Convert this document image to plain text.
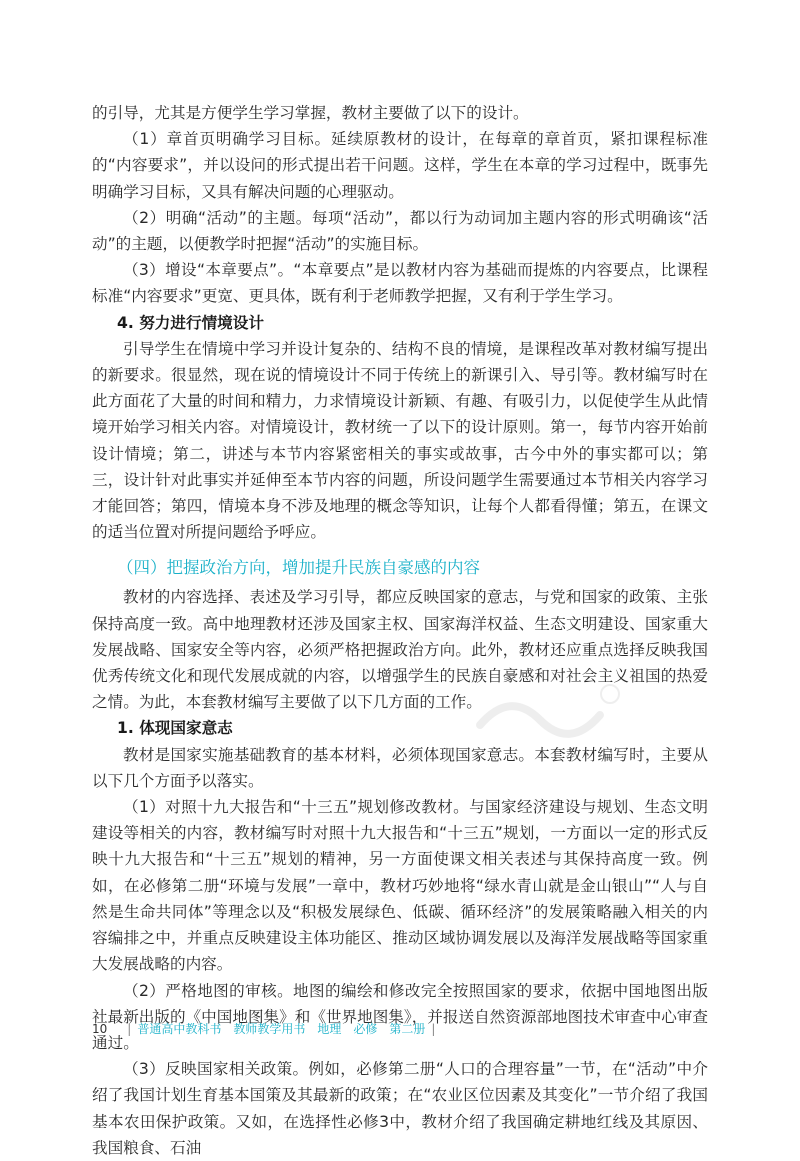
的引导，尤其是方便学生学习掌握，教材主要做了以下的设计。

（1）章首页明确学习目标。延续原教材的设计，在每章的章首页，紧扣课程标准的“内容要求”，并以设问的形式提出若干问题。这样，学生在本章的学习过程中，既事先明确学习目标，又具有解决问题的心理驱动。

（2）明确“活动”的主题。每项“活动”，都以行为动词加主题内容的形式明确该“活动”的主题，以便教学时把握“活动”的实施目标。

（3）增设“本章要点”。“本章要点”是以教材内容为基础而提炼的内容要点，比课程标准“内容要求”更宽、更具体，既有利于老师教学把握，又有利于学生学习。

4. 努力进行情境设计

引导学生在情境中学习并设计复杂的、结构不良的情境，是课程改革对教材编写提出的新要求。很显然，现在说的情境设计不同于传统上的新课引入、导引等。教材编写时在此方面花了大量的时间和精力，力求情境设计新颖、有趣、有吸引力，以促使学生从此情境开始学习相关内容。对情境设计，教材统一了以下的设计原则。第一，每节内容开始前设计情境；第二，讲述与本节内容紧密相关的事实或故事，古今中外的事实都可以；第三，设计针对此事实并延伸至本节内容的问题，所设问题学生需要通过本节相关内容学习才能回答；第四，情境本身不涉及地理的概念等知识，让每个人都看得懂；第五，在课文的适当位置对所提问题给予呼应。

（四）把握政治方向，增加提升民族自豪感的内容

教材的内容选择、表述及学习引导，都应反映国家的意志，与党和国家的政策、主张保持高度一致。高中地理教材还涉及国家主权、国家海洋权益、生态文明建设、国家重大发展战略、国家安全等内容，必须严格把握政治方向。此外，教材还应重点选择反映我国优秀传统文化和现代发展成就的内容，以增强学生的民族自豪感和对社会主义祖国的热爱之情。为此，本套教材编写主要做了以下几方面的工作。

1. 体现国家意志

教材是国家实施基础教育的基本材料，必须体现国家意志。本套教材编写时，主要从以下几个方面予以落实。

（1）对照十九大报告和“十三五”规划修改教材。与国家经济建设与规划、生态文明建设等相关的内容，教材编写时对照十九大报告和“十三五”规划，一方面以一定的形式反映十九大报告和“十三五”规划的精神，另一方面使课文相关表述与其保持高度一致。例如，在必修第二册“环境与发展”一章中，教材巧妙地将“绿水青山就是金山银山”“人与自然是生命共同体”等理念以及“积极发展绿色、低碳、循环经济”的发展策略融入相关的内容编排之中，并重点反映建设主体功能区、推动区域协调发展以及海洋发展战略等国家重大发展战略的内容。

（2）严格地图的审核。地图的编绘和修改完全按照国家的要求，依据中国地图出版社最新出版的《中国地图集》和《世界地图集》，并报送自然资源部地图技术审查中心审查通过。

（3）反映国家相关政策。例如，必修第二册“人口的合理容量”一节，在“活动”中介绍了我国计划生育基本国策及其最新的政策；在“农业区位因素及其变化”一节介绍了我国基本农田保护政策。又如，在选择性必修3中，教材介绍了我国确定耕地红线及其原因、我国粮食、石油

10 | 普通高中教科书　教师教学用书　地理　必修　第二册 |
